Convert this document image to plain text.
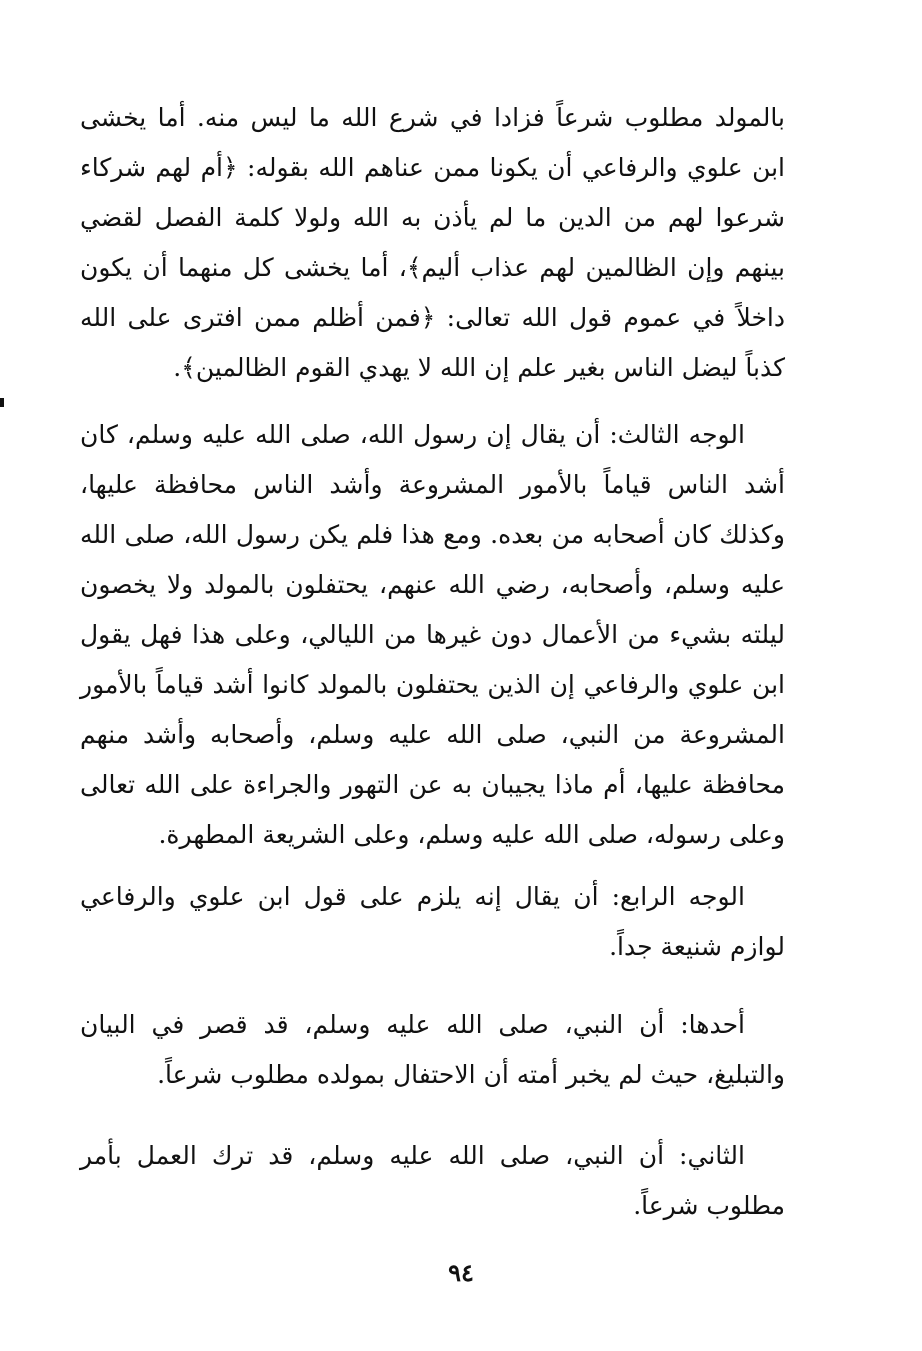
بالمولد مطلوب شرعاً فزادا في شرع الله ما ليس منه. أما يخشى ابن علوي والرفاعي أن يكونا ممن عناهم الله بقوله: ﴿أم لهم شركاء شرعوا لهم من الدين ما لم يأذن به الله ولولا كلمة الفصل لقضي بينهم وإن الظالمين لهم عذاب أليم﴾، أما يخشى كل منهما أن يكون داخلاً في عموم قول الله تعالى: ﴿فمن أظلم ممن افترى على الله كذباً ليضل الناس بغير علم إن الله لا يهدي القوم الظالمين﴾.

الوجه الثالث: أن يقال إن رسول الله، صلى الله عليه وسلم، كان أشد الناس قياماً بالأمور المشروعة وأشد الناس محافظة عليها، وكذلك كان أصحابه من بعده. ومع هذا فلم يكن رسول الله، صلى الله عليه وسلم، وأصحابه، رضي الله عنهم، يحتفلون بالمولد ولا يخصون ليلته بشيء من الأعمال دون غيرها من الليالي، وعلى هذا فهل يقول ابن علوي والرفاعي إن الذين يحتفلون بالمولد كانوا أشد قياماً بالأمور المشروعة من النبي، صلى الله عليه وسلم، وأصحابه وأشد منهم محافظة عليها، أم ماذا يجيبان به عن التهور والجراءة على الله تعالى وعلى رسوله، صلى الله عليه وسلم، وعلى الشريعة المطهرة.

الوجه الرابع: أن يقال إنه يلزم على قول ابن علوي والرفاعي لوازم شنيعة جداً.

أحدها: أن النبي، صلى الله عليه وسلم، قد قصر في البيان والتبليغ، حيث لم يخبر أمته أن الاحتفال بمولده مطلوب شرعاً.

الثاني: أن النبي، صلى الله عليه وسلم، قد ترك العمل بأمر مطلوب شرعاً.

٩٤
